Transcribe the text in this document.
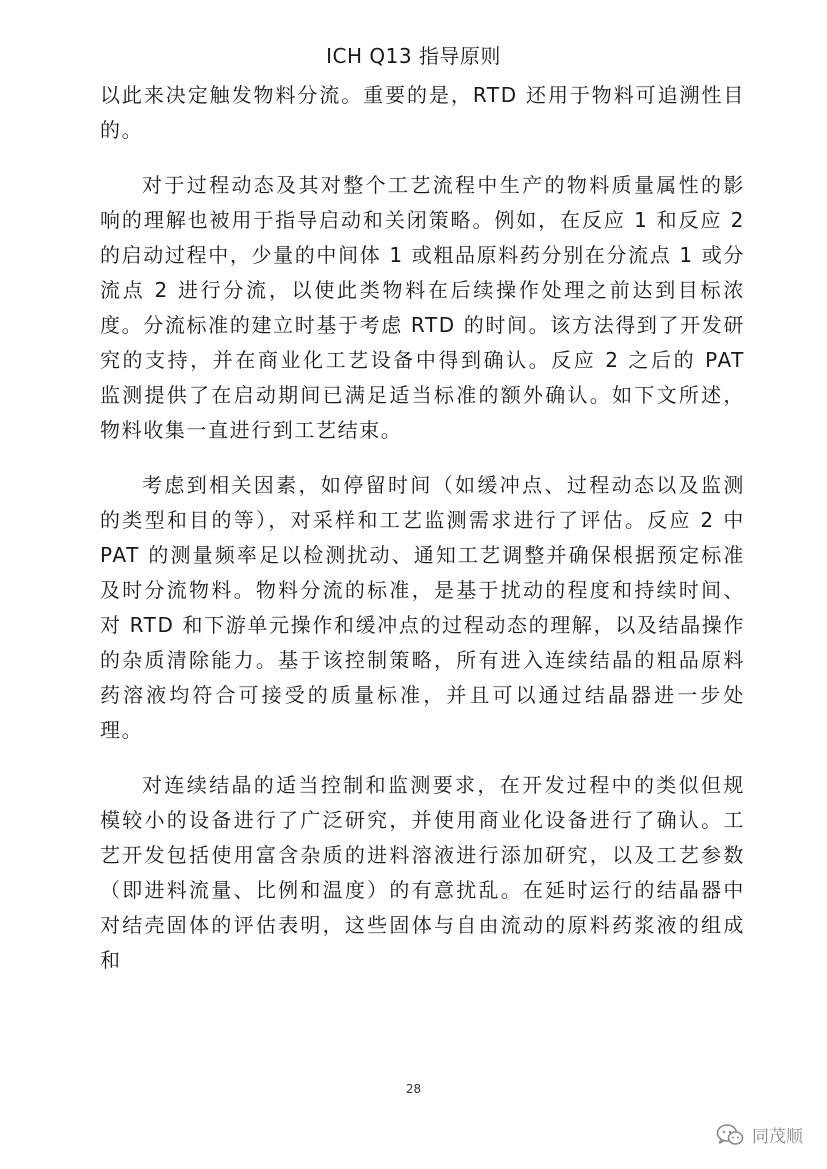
ICH Q13 指导原则

以此来决定触发物料分流。重要的是，RTD 还用于物料可追溯性目的。

对于过程动态及其对整个工艺流程中生产的物料质量属性的影响的理解也被用于指导启动和关闭策略。例如，在反应 1 和反应 2 的启动过程中，少量的中间体 1 或粗品原料药分别在分流点 1 或分流点 2 进行分流，以使此类物料在后续操作处理之前达到目标浓度。分流标准的建立时基于考虑 RTD 的时间。该方法得到了开发研究的支持，并在商业化工艺设备中得到确认。反应 2 之后的 PAT 监测提供了在启动期间已满足适当标准的额外确认。如下文所述，物料收集一直进行到工艺结束。

考虑到相关因素，如停留时间（如缓冲点、过程动态以及监测的类型和目的等），对采样和工艺监测需求进行了评估。反应 2 中 PAT 的测量频率足以检测扰动、通知工艺调整并确保根据预定标准及时分流物料。物料分流的标准，是基于扰动的程度和持续时间、对 RTD 和下游单元操作和缓冲点的过程动态的理解，以及结晶操作的杂质清除能力。基于该控制策略，所有进入连续结晶的粗品原料药溶液均符合可接受的质量标准，并且可以通过结晶器进一步处理。

对连续结晶的适当控制和监测要求，在开发过程中的类似但规模较小的设备进行了广泛研究，并使用商业化设备进行了确认。工艺开发包括使用富含杂质的进料溶液进行添加研究，以及工艺参数（即进料流量、比例和温度）的有意扰乱。在延时运行的结晶器中对结壳固体的评估表明，这些固体与自由流动的原料药浆液的组成和

28
同茂顺
